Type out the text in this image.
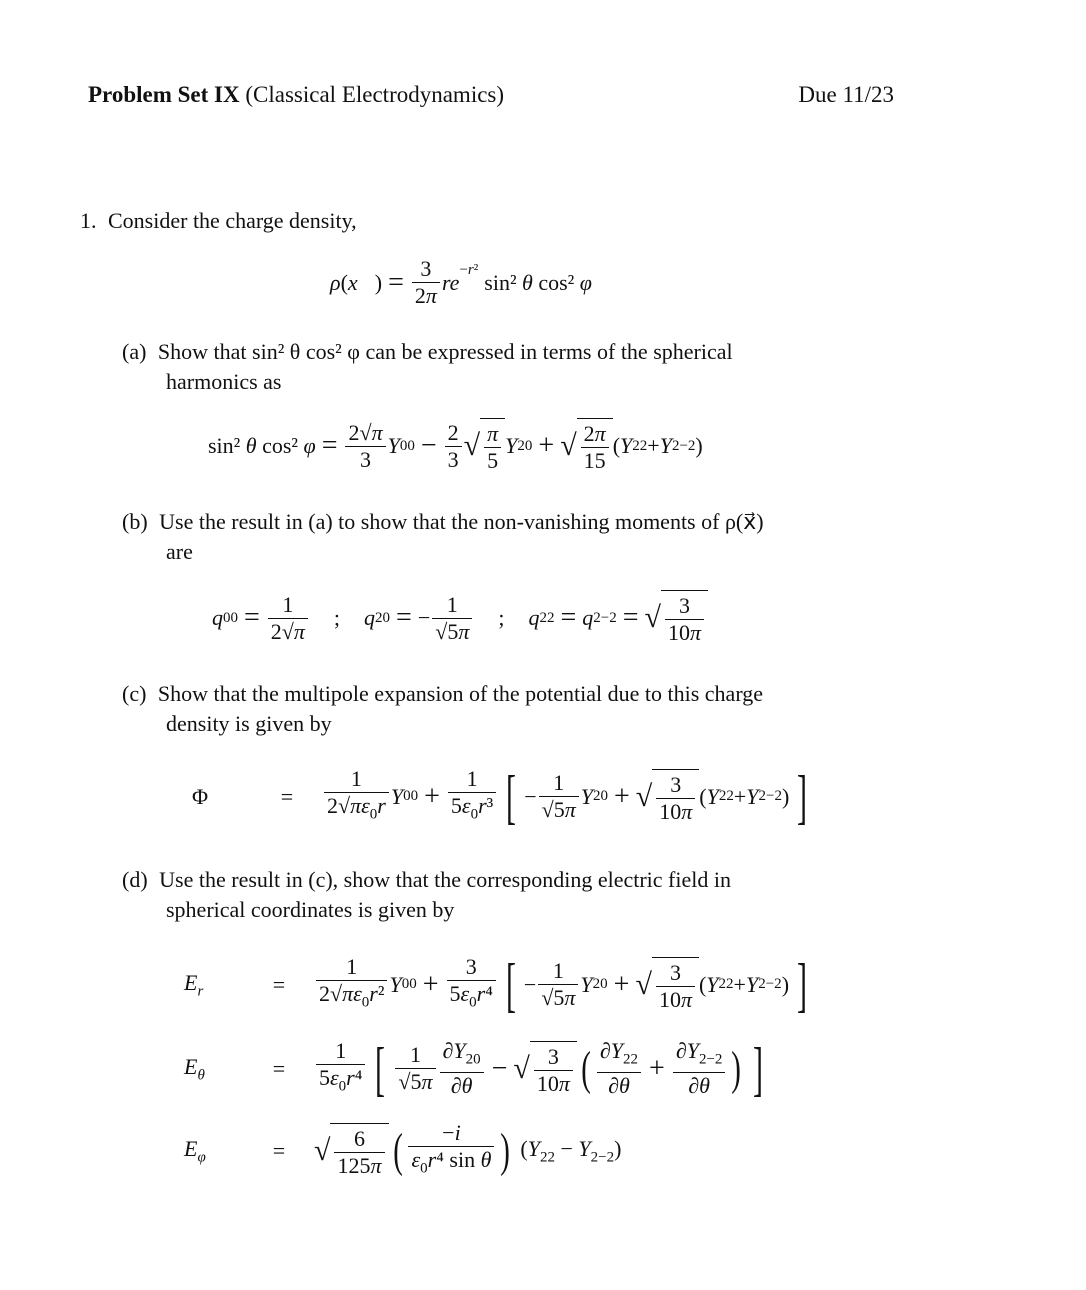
Problem Set IX (Classical Electrodynamics)	Due 11/23
1. Consider the charge density,
ρ ( x⃗ ) = $\frac{3}{2\pi} re^{-r^2}$ sin² θ cos² φ
(a) Show that sin² θ cos² φ can be expressed in terms of the spherical
harmonics as
sin² θ cos² $\varphi = \frac{2√\pi}{3}$ Y $00 - \frac{2}{3}$ √ $\frac{\pi}{5}$ Y 20 + √ $\frac{2\pi}{15}$ ( Y 22 + Y 2−2 )
(b) Use the result in (a) to show that the non-vanishing moments of ρ(x⃗)
are
q $00 = \frac{1}{2√\pi}$ ; q 20 = − $\frac{1}{√5\pi}$ ; q 22 = q 2−2 = √ $\frac{3}{10\pi}$
(c) Show that the multipole expansion of the potential due to this charge
density is given by
Φ	=	$\frac{1}{2√\pi\varepsilon_0r}$ Y $00 + \frac{1}{5\varepsilon_0r^3}$ [ − $\frac{1}{√5\pi}$ Y 20 + √ $\frac{3}{10\pi}$ ( Y 22 + Y 2−2 ) ]
(d) Use the result in (c), show that the corresponding electric field in
spherical coordinates is given by
$E_r$	=	$\frac{1}{2√\pi\varepsilon_0r^2}$ Y $00 + \frac{3}{5\varepsilon_0r^4}$ [ − $\frac{1}{√5\pi}$ Y 20 + √ $\frac{3}{10\pi}$ ( Y 22 + Y 2−2 ) ]
$E_\theta$	=	$\frac{1}{5\varepsilon_0r^4}$ [ $\frac{1}{√5\pi} \frac{\partial Y_{20}}{\partial\theta}$ − √ $\frac{3}{10\pi}$ ( $\frac{\partial Y_{22}}{\partial\theta} + \frac{\partial Y_{2-2}}{\partial\theta}$ ) ]
$E_\varphi$	= √ $\frac{6}{125\pi}$ ( $\frac{-i}{\varepsilon_0r^4 \sin \theta}$ ) $(Y_{22} - Y_{2-2})$
